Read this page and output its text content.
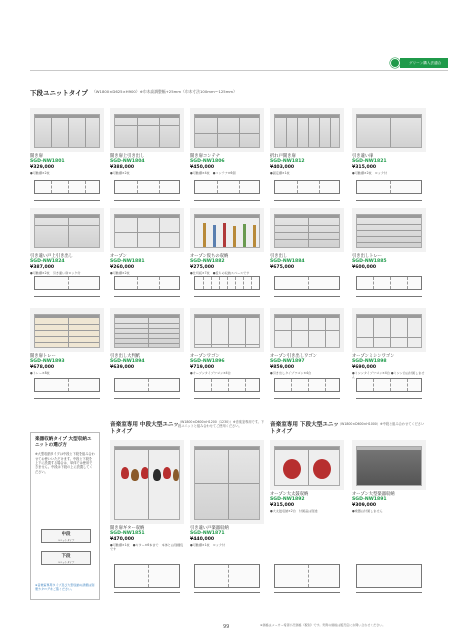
グリーン購入法適合
下段ユニットタイプ （W1800×D625×H900）※巾木高調整幅+25mm（巾木寸法100mm〜125mm）
開き扉
SGD-NW1801
¥329,000
●可動棚×2枚
開き扉上引き出し
SGD-NW1804
¥388,000
●可動棚×2枚
開き扉コンテナ
SGD-NW1806
¥450,000
●可動棚×4枚　●コンテナ×6個
折れ戸開き扉
SGD-NW1812
¥403,000
●固定棚×1枚
引き違い扉
SGD-NW1821
¥315,000
●可動棚×2枚　ロック付
引き違い戸上引き出し
SGD-NW1824
¥387,000
●可動棚×2枚　引き違い扉ロック付
オープン
SGD-NW1881
¥260,000
●可動棚×2枚
オープン仮ちの収納
SGD-NW1882
¥275,000
●仕切板×7枚　●仮ちの収納スペースです
引き出し
SGD-NW1884
¥675,000
引き出しトレー
SGD-NW1885
¥600,000
開き扉トレー
SGD-NW1893
¥678,000
●トレー×8枚
引き出し大判紙
SGD-NW1894
¥639,000
オープンワゴン
SGD-NW1896
¥719,000
●オープンタイプワゴン×4台
オープン引き出しワゴン
SGD-NW1897
¥859,000
●引き出しタイプワゴン×4台
オープンミシンワゴン
SGD-NW1898
¥690,000
●ミシンタイプワゴン×4台 ●ミシン台は付属しません
楽器収納タイプ 大型収納ユニットの選び方
※大型収納タイプは中段と下段を組み合わせてお使いいただけます。中段と下段を上下に設置する場合は、単体では使用できません。中段は下段の上に設置してください。
中段
ユニットタイプ
下段
ユニットタイプ
※音楽室専用タイプ及び大型収納の詳細は別冊カタログをご覧ください。
音楽室専用 中段大型ユニットタイプ
（W1800×D600×H1200（1230））※音楽室専用です。下段ユニットと組み合わせてご使用ください。
開き扉ギター収納
SGD-NW1851
¥470,000
●可動棚×1枚　●ギター×6本まで　本体とは別梱包です
引き違い戸楽器収納
SGD-NW1871
¥440,000
●可動棚×1枚　ロック付
音楽室専用 下段大型ユニットタイプ
（W1800×D600×H1000）※中段と組み合わせてください
オープン大太鼓収納
SGD-NW1892
¥315,000
●大太鼓収納×2台　付属品は別途
オープン大型楽器収納
SGD-NW1891
¥309,000
●楽器は付属しません
99	※価格はメーカー希望小売価格（税別）です。実際の価格は販売店にお問い合わせください。
